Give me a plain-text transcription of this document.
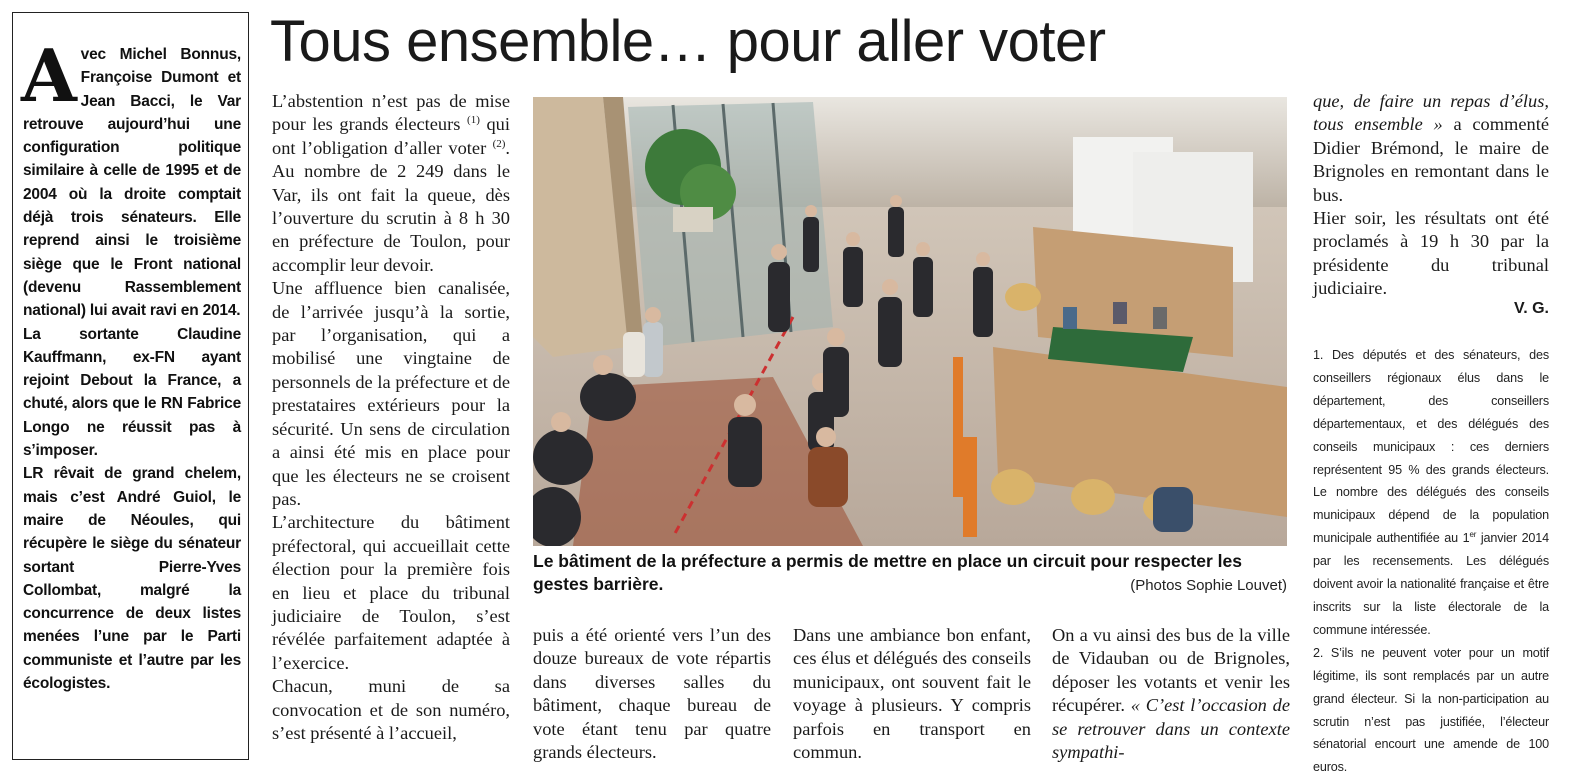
Avec Michel Bonnus, Françoise Dumont et Jean Bacci, le Var retrouve aujourd’hui une configuration politique similaire à celle de 1995 et de 2004 où la droite comptait déjà trois sénateurs. Elle reprend ainsi le troisième siège que le Front national (devenu Rassemblement national) lui avait ravi en 2014.

La sortante Claudine Kauffmann, ex-FN ayant rejoint Debout la France, a chuté, alors que le RN Fabrice Longo ne réussit pas à s’imposer.

LR rêvait de grand chelem, mais c’est André Guiol, le maire de Néoules, qui récupère le siège du sénateur sortant Pierre-Yves Collombat, malgré la concurrence de deux listes menées l’une par le Parti communiste et l’autre par les écologistes.

Tous ensemble… pour aller voter

L’abstention n’est pas de mise pour les grands électeurs $^{(1)}$ qui ont l’obligation d’aller voter $^{(2)}$. Au nombre de 2 249 dans le Var, ils ont fait la queue, dès l’ouverture du scrutin à 8 h 30 en préfecture de Toulon, pour accomplir leur devoir.

Une affluence bien canalisée, de l’arrivée jusqu’à la sortie, par l’organisation, qui a mobilisé une vingtaine de personnels de la préfecture et de prestataires extérieurs pour la sécurité. Un sens de circulation a ainsi été mis en place pour que les électeurs ne se croisent pas.

L’architecture du bâtiment préfectoral, qui accueillait cette élection pour la première fois en lieu et place du tribunal judiciaire de Toulon, s’est révélée parfaitement adaptée à l’exercice.

Chacun, muni de sa convocation et de son numéro, s’est présenté à l’accueil,

Le bâtiment de la préfecture a permis de mettre en place un circuit pour respecter les gestes barrière.	(Photos Sophie Louvet)
puis a été orienté vers l’un des douze bureaux de vote répartis dans diverses salles du bâtiment, chaque bureau de vote étant tenu par quatre grands électeurs.
Dans une ambiance bon enfant, ces élus et délégués des conseils municipaux, ont souvent fait le voyage à plusieurs. Y compris parfois en transport en commun.
On a vu ainsi des bus de la ville de Vidauban ou de Brignoles, déposer les votants et venir les récupérer. « C’est l’occasion de se retrouver dans un contexte sympathi-

que, de faire un repas d’élus, tous ensemble » a commenté Didier Brémond, le maire de Brignoles en remontant dans le bus.

Hier soir, les résultats ont été proclamés à 19 h 30 par la présidente du tribunal judiciaire.

V. G.

1. Des députés et des sénateurs, des conseillers régionaux élus dans le département, des conseillers départementaux, et des délégués des conseils municipaux : ces derniers représentent 95 % des grands électeurs. Le nombre des délégués des conseils municipaux dépend de la population municipale authentifiée au 1er janvier 2014 par les recensements. Les délégués doivent avoir la nationalité française et être inscrits sur la liste électorale de la commune intéressée.

2. S’ils ne peuvent voter pour un motif légitime, ils sont remplacés par un autre grand électeur. Si la non-participation au scrutin n’est pas justifiée, l’électeur sénatorial encourt une amende de 100 euros.
